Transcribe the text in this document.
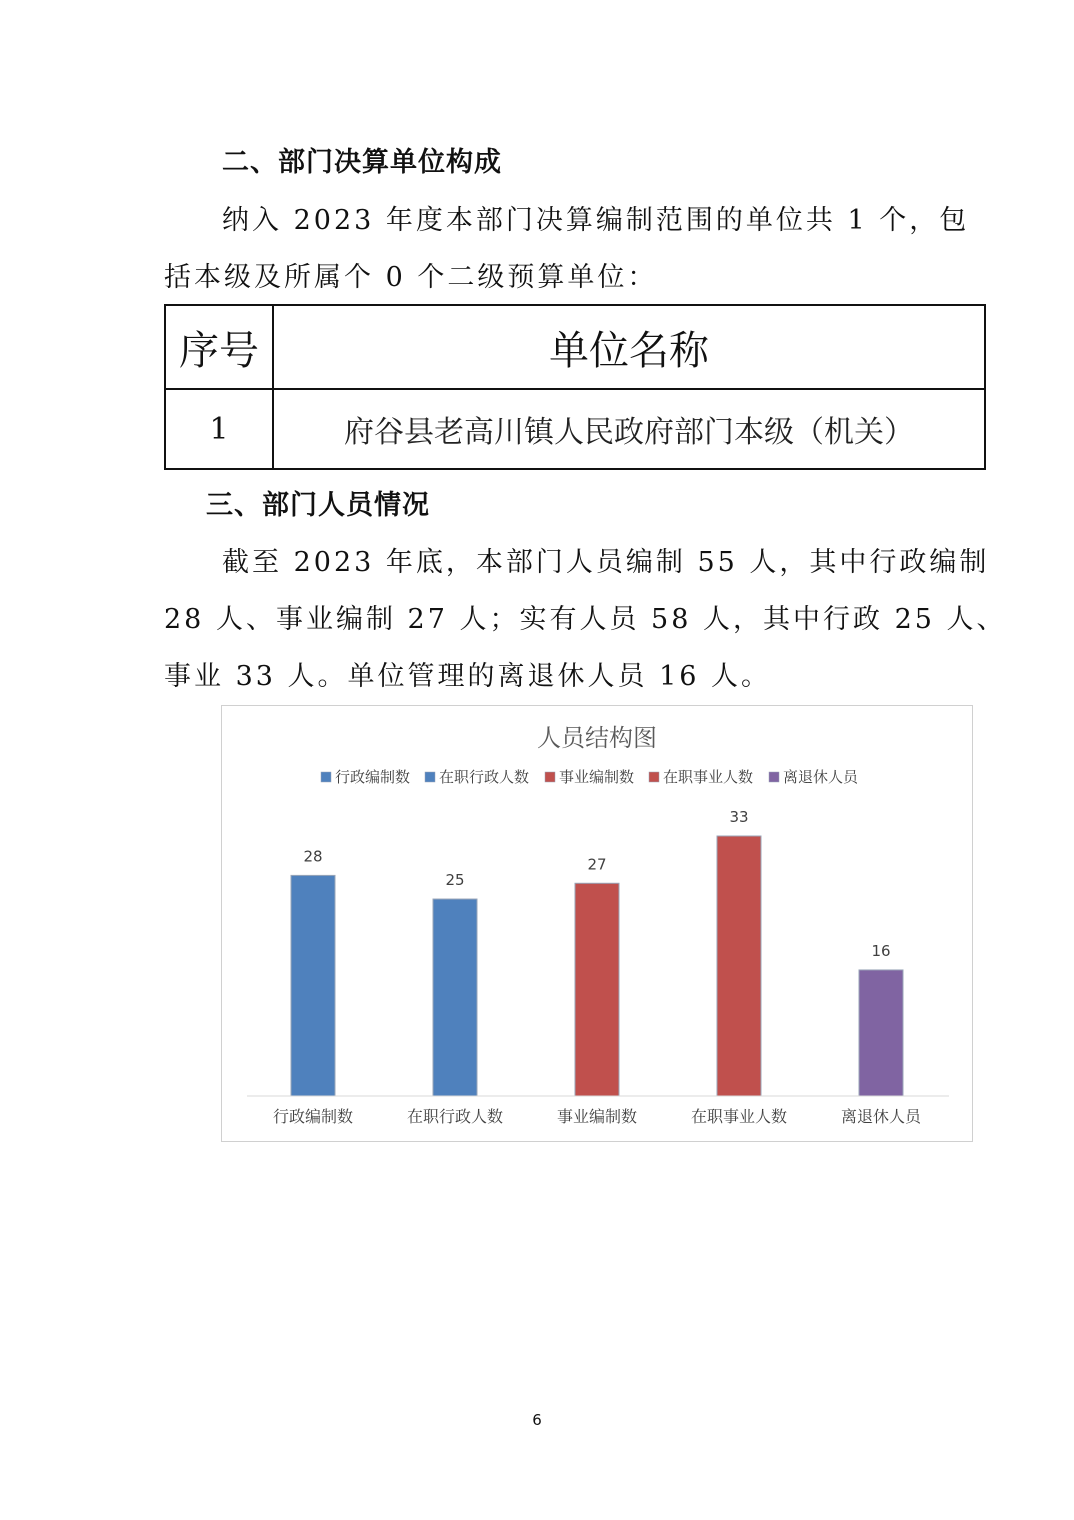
二、部门决算单位构成
纳入 2023 年度本部门决算编制范围的单位共 1 个，包
括本级及所属个 0 个二级预算单位：
序号	单位名称
1	府谷县老高川镇人民政府部门本级（机关）
三、部门人员情况
截至 2023 年底，本部门人员编制 55 人，其中行政编制
28 人、事业编制 27 人；实有人员 58 人，其中行政 25 人、
事业 33 人。单位管理的离退休人员 16 人。
人员结构图
行政编制数 在职行政人数 事业编制数 在职事业人数 离退休人员
28
25
27
33
16
行政编制数	在职行政人数	事业编制数	在职事业人数	离退休人员
6
